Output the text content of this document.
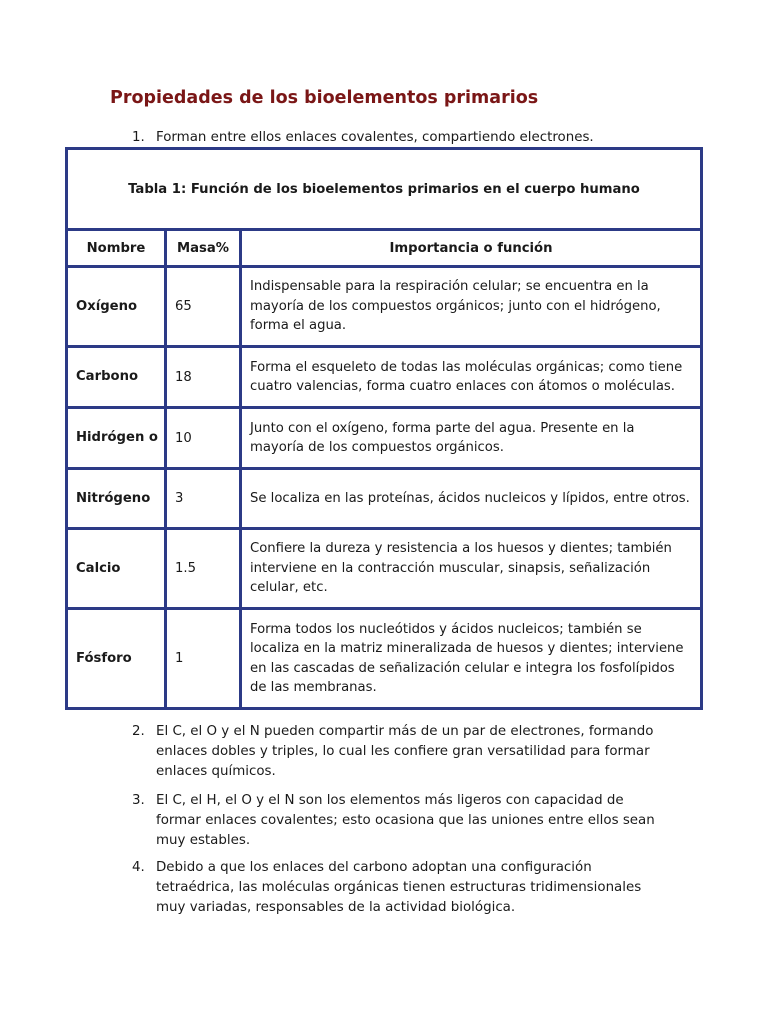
Propiedades de los bioelementos primarios
1. Forman entre ellos enlaces covalentes, compartiendo electrones.
Tabla 1: Función de los bioelementos primarios en el cuerpo humano		
Nombre	Masa%	Importancia o función
Oxígeno	65	Indispensable para la respiración celular; se encuentra en la mayoría de los compuestos orgánicos; junto con el hidrógeno, forma el agua.
Carbono	18	Forma el esqueleto de todas las moléculas orgánicas; como tiene cuatro valencias, forma cuatro enlaces con átomos o moléculas.
Hidrógen o	10	Junto con el oxígeno, forma parte del agua. Presente en la mayoría de los compuestos orgánicos.
Nitrógeno	3	Se localiza en las proteínas, ácidos nucleicos y lípidos, entre otros.
Calcio	1.5	Confiere la dureza y resistencia a los huesos y dientes; también interviene en la contracción muscular, sinapsis, señalización celular, etc.
Fósforo	1	Forma todos los nucleótidos y ácidos nucleicos; también se localiza en la matriz mineralizada de huesos y dientes; interviene en las cascadas de señalización celular e integra los fosfolípidos de las membranas.
2. El C, el O y el N pueden compartir más de un par de electrones, formando enlaces dobles y triples, lo cual les confiere gran versatilidad para formar enlaces químicos.
3. El C, el H, el O y el N son los elementos más ligeros con capacidad de formar enlaces covalentes; esto ocasiona que las uniones entre ellos sean muy estables.
4. Debido a que los enlaces del carbono adoptan una configuración tetraédrica, las moléculas orgánicas tienen estructuras tridimensionales muy variadas, responsables de la actividad biológica.
